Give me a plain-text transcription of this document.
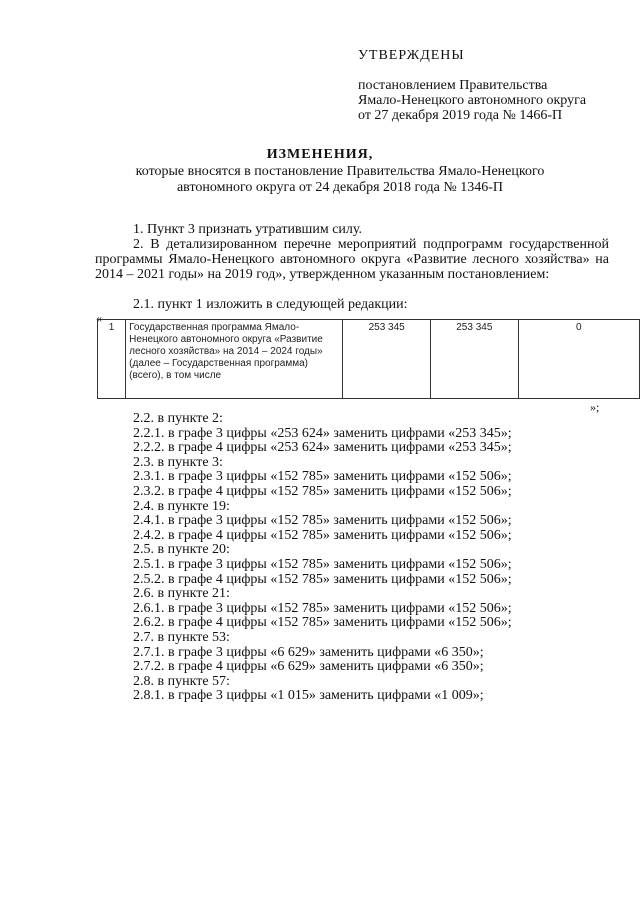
УТВЕРЖДЕНЫ
постановлением Правительства
Ямало-Ненецкого автономного округа
от 27 декабря 2019 года № 1466-П
ИЗМЕНЕНИЯ,
которые вносятся в постановление Правительства Ямало-Ненецкого автономного округа от 24 декабря 2018 года № 1346-П
1. Пункт 3 признать утратившим силу.
2. В детализированном перечне мероприятий подпрограмм государственной программы Ямало-Ненецкого автономного округа «Развитие лесного хозяйства» на 2014 – 2021 годы» на 2019 год», утвержденном указанным постановлением:
2.1. пункт 1 изложить в следующей редакции:
«
1	Государственная программа Ямало-Ненецкого автономного округа «Развитие лесного хозяйства» на 2014 – 2024 годы» (далее – Государственная программа) (всего), в том числе	253 345	253 345	0
»;
2.2. в пункте 2:
2.2.1. в графе 3 цифры «253 624» заменить цифрами «253 345»;
2.2.2. в графе 4 цифры «253 624» заменить цифрами «253 345»;
2.3. в пункте 3:
2.3.1. в графе 3 цифры «152 785» заменить цифрами «152 506»;
2.3.2. в графе 4 цифры «152 785» заменить цифрами «152 506»;
2.4. в пункте 19:
2.4.1. в графе 3 цифры «152 785» заменить цифрами «152 506»;
2.4.2. в графе 4 цифры «152 785» заменить цифрами «152 506»;
2.5. в пункте 20:
2.5.1. в графе 3 цифры «152 785» заменить цифрами «152 506»;
2.5.2. в графе 4 цифры «152 785» заменить цифрами «152 506»;
2.6. в пункте 21:
2.6.1. в графе 3 цифры «152 785» заменить цифрами «152 506»;
2.6.2. в графе 4 цифры «152 785» заменить цифрами «152 506»;
2.7. в пункте 53:
2.7.1. в графе 3 цифры «6 629» заменить цифрами «6 350»;
2.7.2. в графе 4 цифры «6 629» заменить цифрами «6 350»;
2.8. в пункте 57:
2.8.1. в графе 3 цифры «1 015» заменить цифрами «1 009»;
